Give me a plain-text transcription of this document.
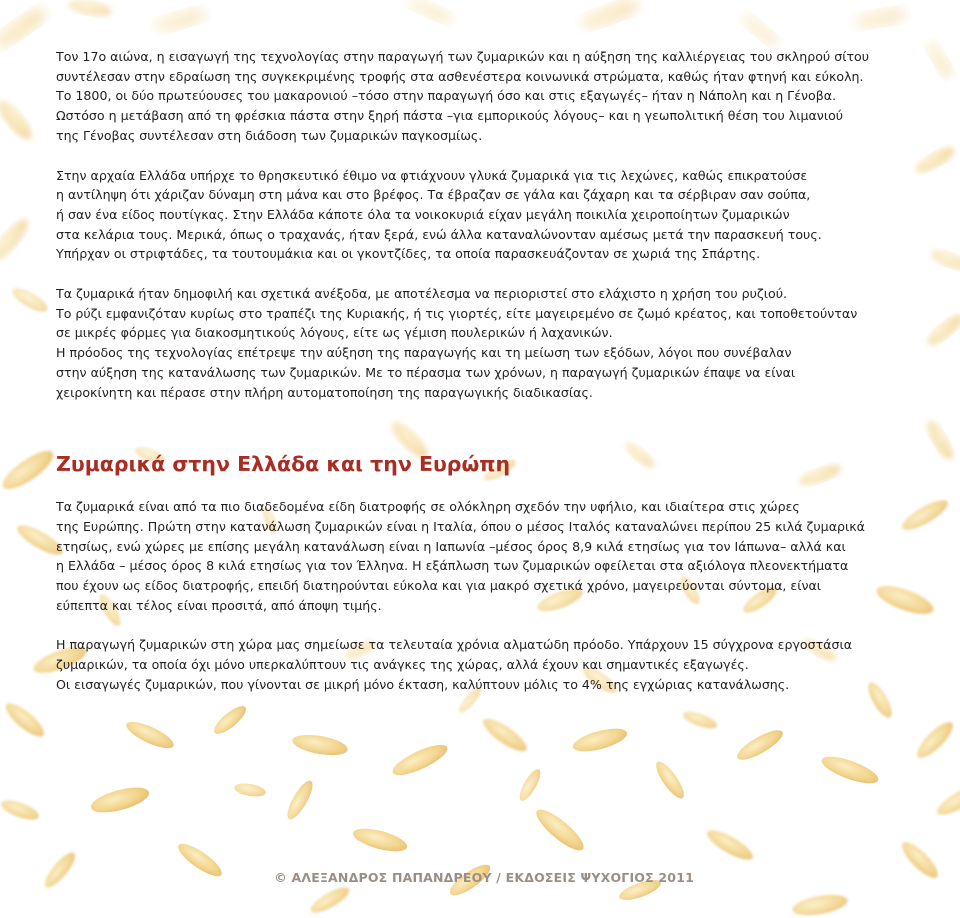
Τον 17ο αιώνα, η εισαγωγή της τεχνολογίας στην παραγωγή των ζυμαρικών και η αύξηση της καλλιέργειας του σκληρού σίτου
συντέλεσαν στην εδραίωση της συγκεκριμένης τροφής στα ασθενέστερα κοινωνικά στρώματα, καθώς ήταν φτηνή και εύκολη.
Το 1800, οι δύο πρωτεύουσες του μακαρονιού –τόσο στην παραγωγή όσο και στις εξαγωγές– ήταν η Νάπολη και η Γένοβα.
Ωστόσο η μετάβαση από τη φρέσκια πάστα στην ξηρή πάστα –για εμπορικούς λόγους– και η γεωπολιτική θέση του λιμανιού
της Γένοβας συντέλεσαν στη διάδοση των ζυμαρικών παγκοσμίως.

Στην αρχαία Ελλάδα υπήρχε το θρησκευτικό έθιμο να φτιάχνουν γλυκά ζυμαρικά για τις λεχώνες, καθώς επικρατούσε
η αντίληψη ότι χάριζαν δύναμη στη μάνα και στο βρέφος. Τα έβραζαν σε γάλα και ζάχαρη και τα σέρβιραν σαν σούπα,
ή σαν ένα είδος πουτίγκας. Στην Ελλάδα κάποτε όλα τα νοικοκυριά είχαν μεγάλη ποικιλία χειροποίητων ζυμαρικών
στα κελάρια τους. Μερικά, όπως ο τραχανάς, ήταν ξερά, ενώ άλλα καταναλώνονταν αμέσως μετά την παρασκευή τους.
Υπήρχαν οι στριφτάδες, τα τουτουμάκια και οι γκοντζίδες, τα οποία παρασκευάζονταν σε χωριά της Σπάρτης.

Τα ζυμαρικά ήταν δημοφιλή και σχετικά ανέξοδα, με αποτέλεσμα να περιοριστεί στο ελάχιστο η χρήση του ρυζιού.
Το ρύζι εμφανιζόταν κυρίως στο τραπέζι της Κυριακής, ή τις γιορτές, είτε μαγειρεμένο σε ζωμό κρέατος, και τοποθετούνταν
σε μικρές φόρμες για διακοσμητικούς λόγους, είτε ως γέμιση πουλερικών ή λαχανικών.
Η πρόοδος της τεχνολογίας επέτρεψε την αύξηση της παραγωγής και τη μείωση των εξόδων, λόγοι που συνέβαλαν
στην αύξηση της κατανάλωσης των ζυμαρικών. Με το πέρασμα των χρόνων, η παραγωγή ζυμαρικών έπαψε να είναι
χειροκίνητη και πέρασε στην πλήρη αυτοματοποίηση της παραγωγικής διαδικασίας.

Ζυμαρικά στην Ελλάδα και την Ευρώπη

Τα ζυμαρικά είναι από τα πιο διαδεδομένα είδη διατροφής σε ολόκληρη σχεδόν την υφήλιο, και ιδιαίτερα στις χώρες
της Ευρώπης. Πρώτη στην κατανάλωση ζυμαρικών είναι η Ιταλία, όπου ο μέσος Ιταλός καταναλώνει περίπου 25 κιλά ζυμαρικά
ετησίως, ενώ χώρες με επίσης μεγάλη κατανάλωση είναι η Ιαπωνία –μέσος όρος 8,9 κιλά ετησίως για τον Ιάπωνα– αλλά και
η Ελλάδα – μέσος όρος 8 κιλά ετησίως για τον Έλληνα. Η εξάπλωση των ζυμαρικών οφείλεται στα αξιόλογα πλεονεκτήματα
που έχουν ως είδος διατροφής, επειδή διατηρούνται εύκολα και για μακρό σχετικά χρόνο, μαγειρεύονται σύντομα, είναι
εύπεπτα και τέλος είναι προσιτά, από άποψη τιμής.

Η παραγωγή ζυμαρικών στη χώρα μας σημείωσε τα τελευταία χρόνια αλματώδη πρόοδο. Υπάρχουν 15 σύγχρονα εργοστάσια
ζυμαρικών, τα οποία όχι μόνο υπερκαλύπτουν τις ανάγκες της χώρας, αλλά έχουν και σημαντικές εξαγωγές.
Οι εισαγωγές ζυμαρικών, που γίνονται σε μικρή μόνο έκταση, καλύπτουν μόλις το 4% της εγχώριας κατανάλωσης.

© ΑΛΕΞΑΝΔΡΟΣ ΠΑΠΑΝΔΡΕΟΥ / ΕΚΔΟΣΕΙΣ ΨΥΧΟΓΙΟΣ 2011
